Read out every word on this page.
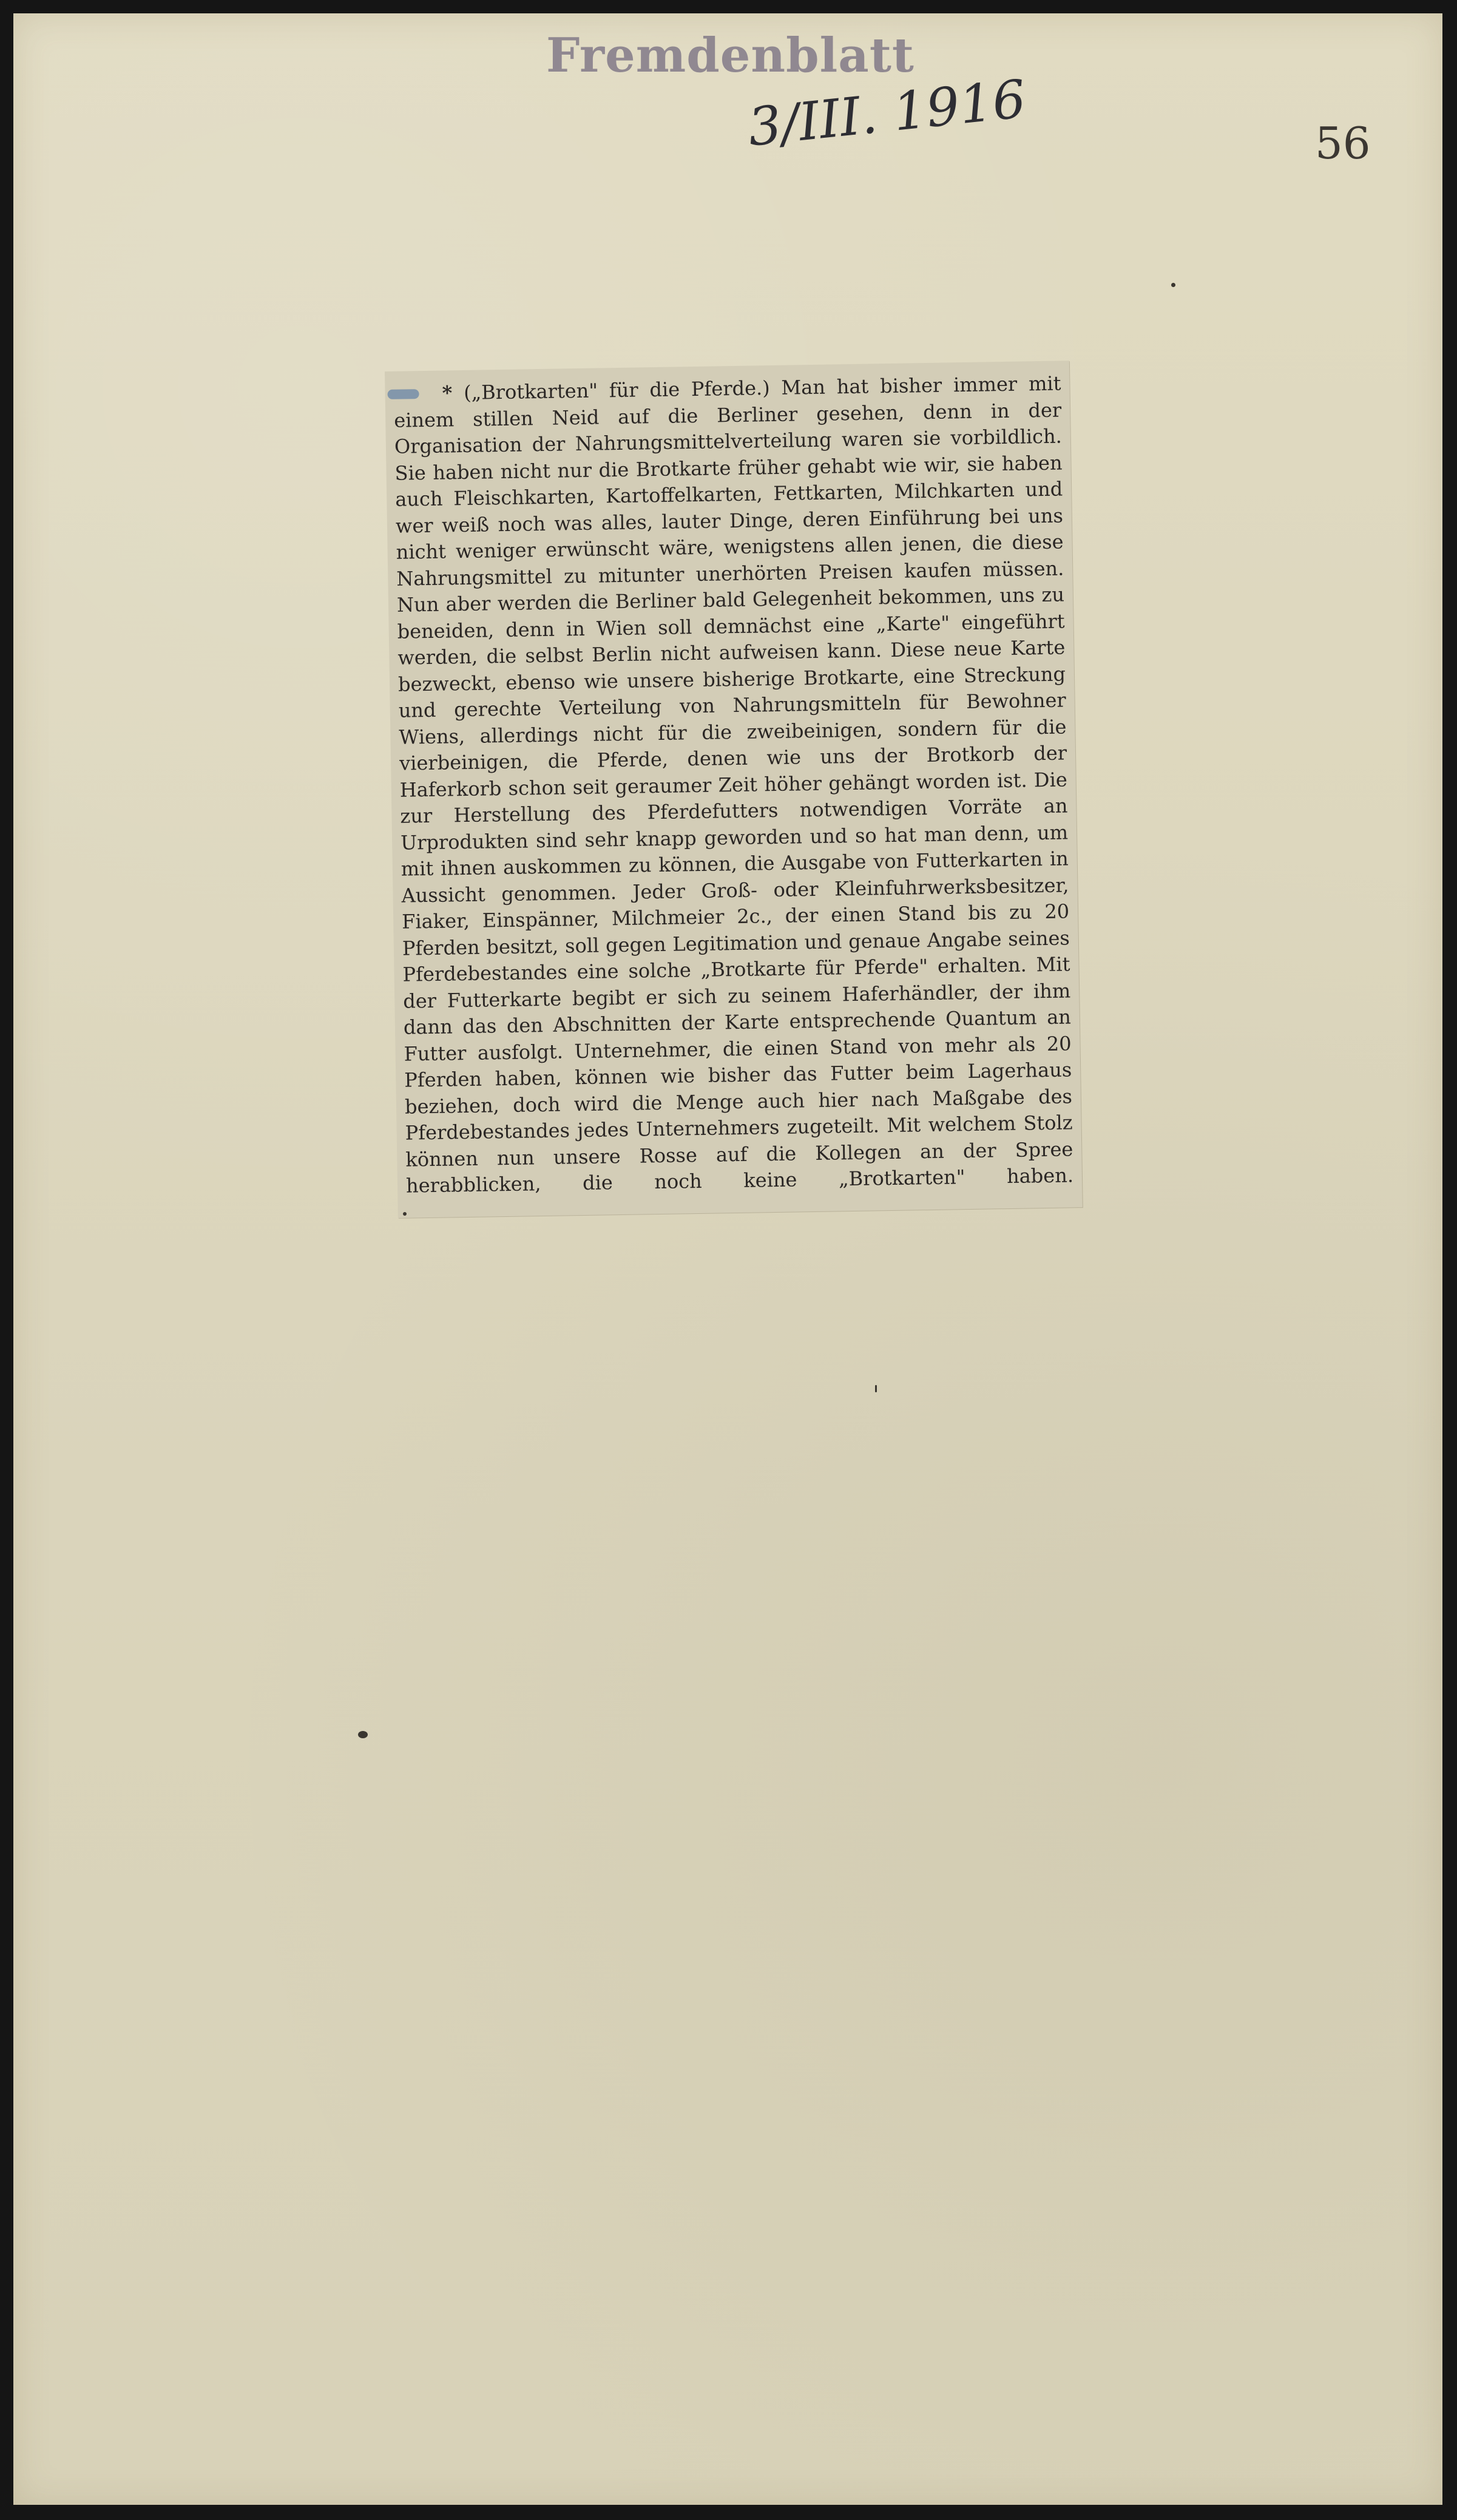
Fremdenblatt
3/III. 1916	56

* („Brotkarten" für die Pferde.) Man hat bisher immer mit einem stillen Neid auf die Berliner gesehen, denn in der Organisation der Nahrungsmittelverteilung waren sie vorbildlich. Sie haben nicht nur die Brotkarte früher gehabt wie wir, sie haben auch Fleischkarten, Kartoffelkarten, Fettkarten, Milchkarten und wer weiß noch was alles, lauter Dinge, deren Einführung bei uns nicht weniger erwünscht wäre, wenigstens allen jenen, die diese Nahrungsmittel zu mitunter unerhörten Preisen kaufen müssen. Nun aber werden die Berliner bald Gelegenheit bekommen, uns zu beneiden, denn in Wien soll demnächst eine „Karte" eingeführt werden, die selbst Berlin nicht aufweisen kann. Diese neue Karte bezweckt, ebenso wie unsere bisherige Brotkarte, eine Streckung und gerechte Verteilung von Nahrungsmitteln für Bewohner Wiens, allerdings nicht für die zweibeinigen, sondern für die vierbeinigen, die Pferde, denen wie uns der Brotkorb der Haferkorb schon seit geraumer Zeit höher gehängt worden ist. Die zur Herstellung des Pferdefutters notwendigen Vorräte an Urprodukten sind sehr knapp geworden und so hat man denn, um mit ihnen auskommen zu können, die Ausgabe von Futterkarten in Aussicht genommen. Jeder Groß- oder Kleinfuhrwerksbesitzer, Fiaker, Einspänner, Milchmeier 2c., der einen Stand bis zu 20 Pferden besitzt, soll gegen Legitimation und genaue Angabe seines Pferdebestandes eine solche „Brotkarte für Pferde" erhalten. Mit der Futterkarte begibt er sich zu seinem Haferhändler, der ihm dann das den Abschnitten der Karte entsprechende Quantum an Futter ausfolgt. Unternehmer, die einen Stand von mehr als 20 Pferden haben, können wie bisher das Futter beim Lagerhaus beziehen, doch wird die Menge auch hier nach Maßgabe des Pferdebestandes jedes Unternehmers zugeteilt. Mit welchem Stolz können nun unsere Rosse auf die Kollegen an der Spree herabblicken, die noch keine „Brotkarten" haben.
